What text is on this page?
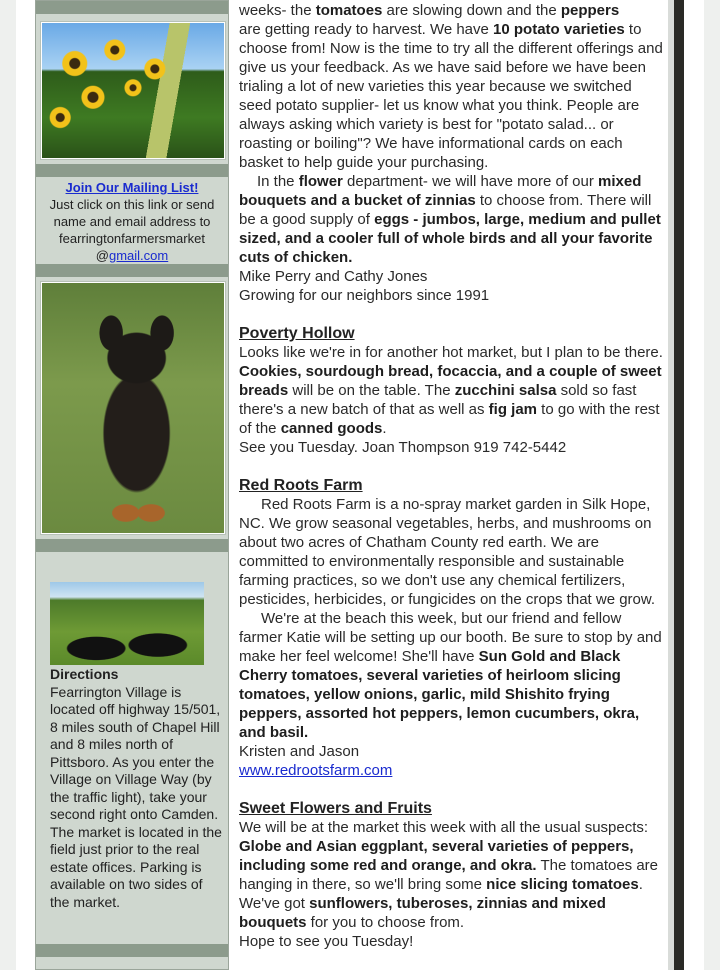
Join Our Mailing List!
Just click on this link or send name and email address to fearringtonfarmersmarket @gmail.com
Directions
Fearrington Village is located off highway 15/501, 8 miles south of Chapel Hill and 8 miles north of Pittsboro. As you enter the Village on Village Way (by the traffic light), take your second right onto Camden. The market is located in the field just prior to the real estate offices. Parking is available on two sides of the market.

weeks- the tomatoes are slowing down and the peppers
are getting ready to harvest. We have 10 potato varieties to choose from! Now is the time to try all the different offerings and give us your feedback. As we have said before we have been trialing a lot of new varieties this year because we switched seed potato supplier- let us know what you think. People are always asking which variety is best for "potato salad... or roasting or boiling"? We have informational cards on each basket to help guide your purchasing.

In the flower department- we will have more of our mixed bouquets and a bucket of zinnias to choose from. There will be a good supply of eggs - jumbos, large, medium and pullet sized, and a cooler full of whole birds and all your favorite cuts of chicken.

Mike Perry and Cathy Jones

Growing for our neighbors since 1991

Poverty Hollow

Looks like we're in for another hot market, but I plan to be there. Cookies, sourdough bread, focaccia, and a couple of sweet breads will be on the table. The zucchini salsa sold so fast there's a new batch of that as well as fig jam to go with the rest of the canned goods.

See you Tuesday. Joan Thompson 919 742-5442

Red Roots Farm

Red Roots Farm is a no-spray market garden in Silk Hope, NC. We grow seasonal vegetables, herbs, and mushrooms on about two acres of Chatham County red earth. We are committed to environmentally responsible and sustainable farming practices, so we don't use any chemical fertilizers, pesticides, herbicides, or fungicides on the crops that we grow.

We're at the beach this week, but our friend and fellow farmer Katie will be setting up our booth. Be sure to stop by and make her feel welcome! She'll have Sun Gold and Black Cherry tomatoes, several varieties of heirloom slicing tomatoes, yellow onions, garlic, mild Shishito frying peppers, assorted hot peppers, lemon cucumbers, okra, and basil.

Kristen and Jason

www.redrootsfarm.com

Sweet Flowers and Fruits

We will be at the market this week with all the usual suspects: Globe and Asian eggplant, several varieties of peppers, including some red and orange, and okra. The tomatoes are hanging in there, so we'll bring some nice slicing tomatoes. We've got sunflowers, tuberoses, zinnias and mixed bouquets for you to choose from.

Hope to see you Tuesday!
